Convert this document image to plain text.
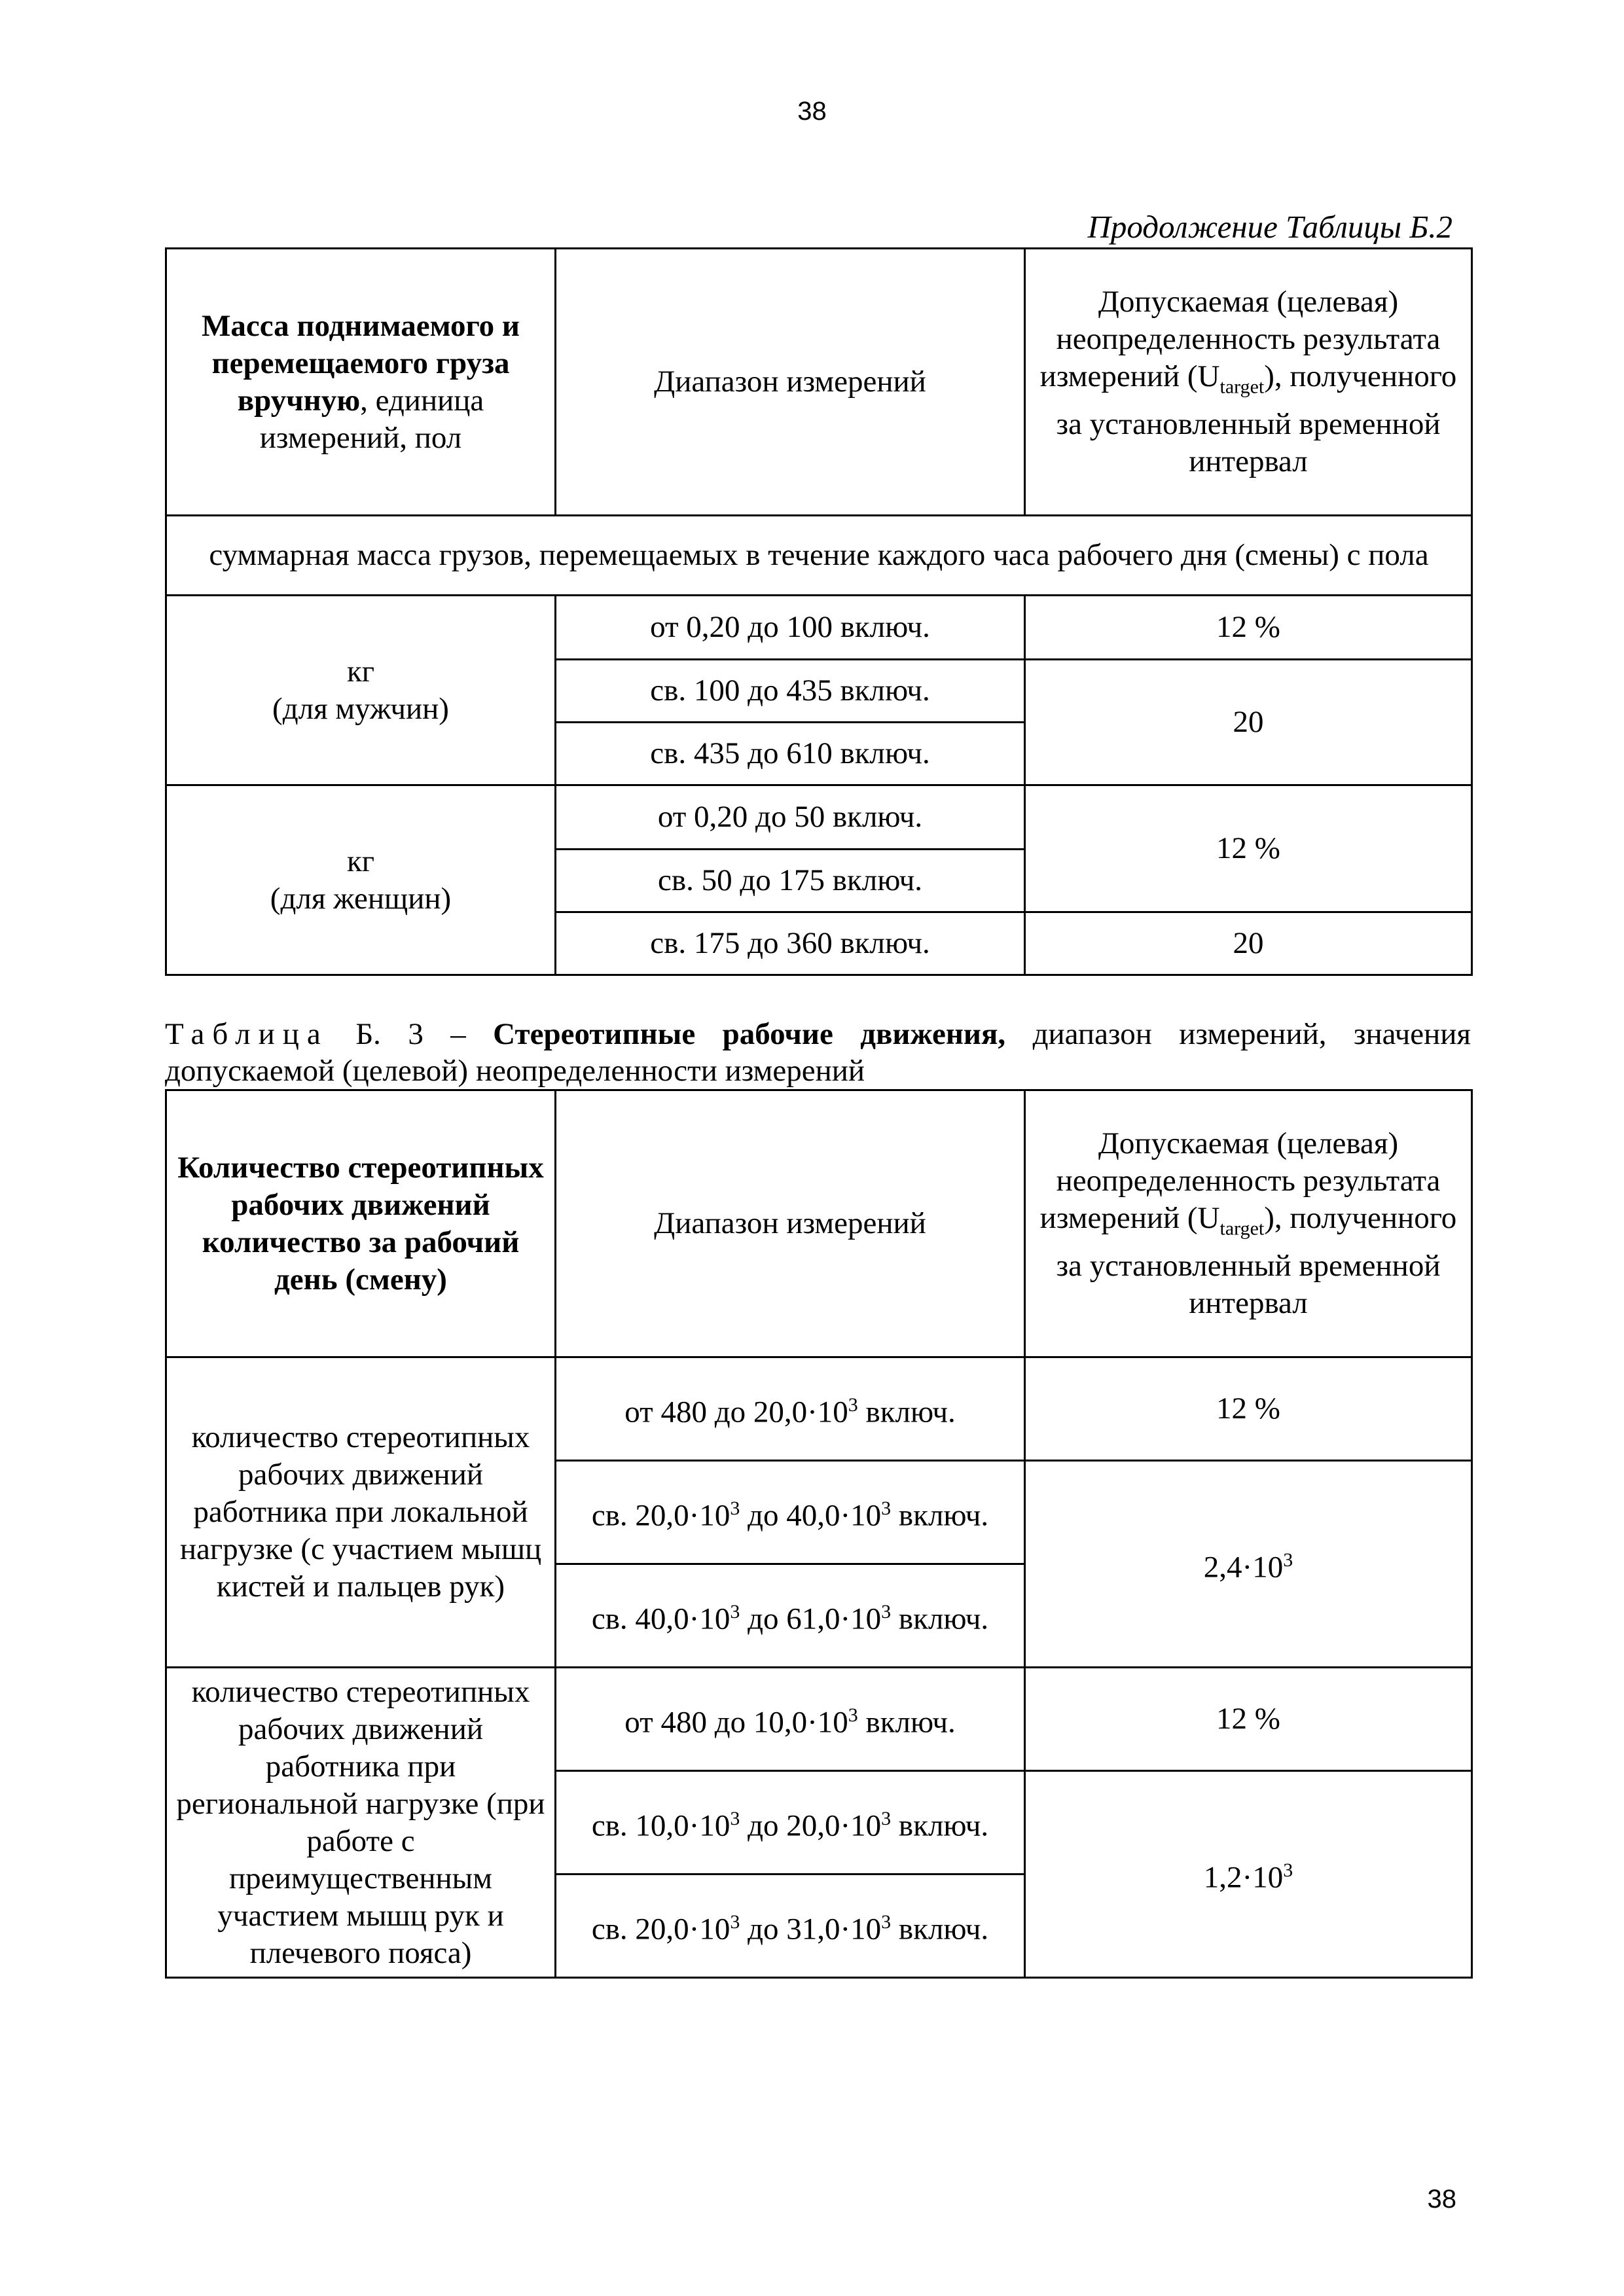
38
Продолжение Таблицы Б.2
Масса поднимаемого и перемещаемого груза вручную, единица измерений, пол	Диапазон измерений	Допускаемая (целевая) неопределенность результата измерений $(U_{target})$, полученного за установленный временной интервал
суммарная масса грузов, перемещаемых в течение каждого часа рабочего дня (смены) с пола		
кг
(для мужчин)	от 0,20 до 100 включ.	12 %
	св. 100 до 435 включ.	20
	св. 435 до 610 включ.	
кг
(для женщин)	от 0,20 до 50 включ.	12 %
	св. 50 до 175 включ.	
	св. 175 до 360 включ.	20
Таблица Б. 3 – Стереотипные рабочие движения, диапазон измерений, значения допускаемой (целевой) неопределенности измерений
Количество стереотипных рабочих движений количество за рабочий день (смену)	Диапазон измерений	Допускаемая (целевая) неопределенность результата измерений $(U_{target})$, полученного за установленный временной интервал
количество стереотипных рабочих движений работника при локальной нагрузке (с участием мышц кистей и пальцев рук)	от 480 до $20,0\cdot 10^3$ включ.	12 %
	св. $20,0\cdot 10^3$ до $40,0\cdot 10^3$ включ.	$2,4\cdot 10^3$
	св. $40,0\cdot 10^3$ до $61,0\cdot 10^3$ включ.	
количество стереотипных рабочих движений работника при региональной нагрузке (при работе с преимущественным участием мышц рук и плечевого пояса)	от 480 до $10,0\cdot 10^3$ включ.	12 %
	св. $10,0\cdot 10^3$ до $20,0\cdot 10^3$ включ.	$1,2\cdot 10^3$
	св. $20,0\cdot 10^3$ до $31,0\cdot 10^3$ включ.	
38
